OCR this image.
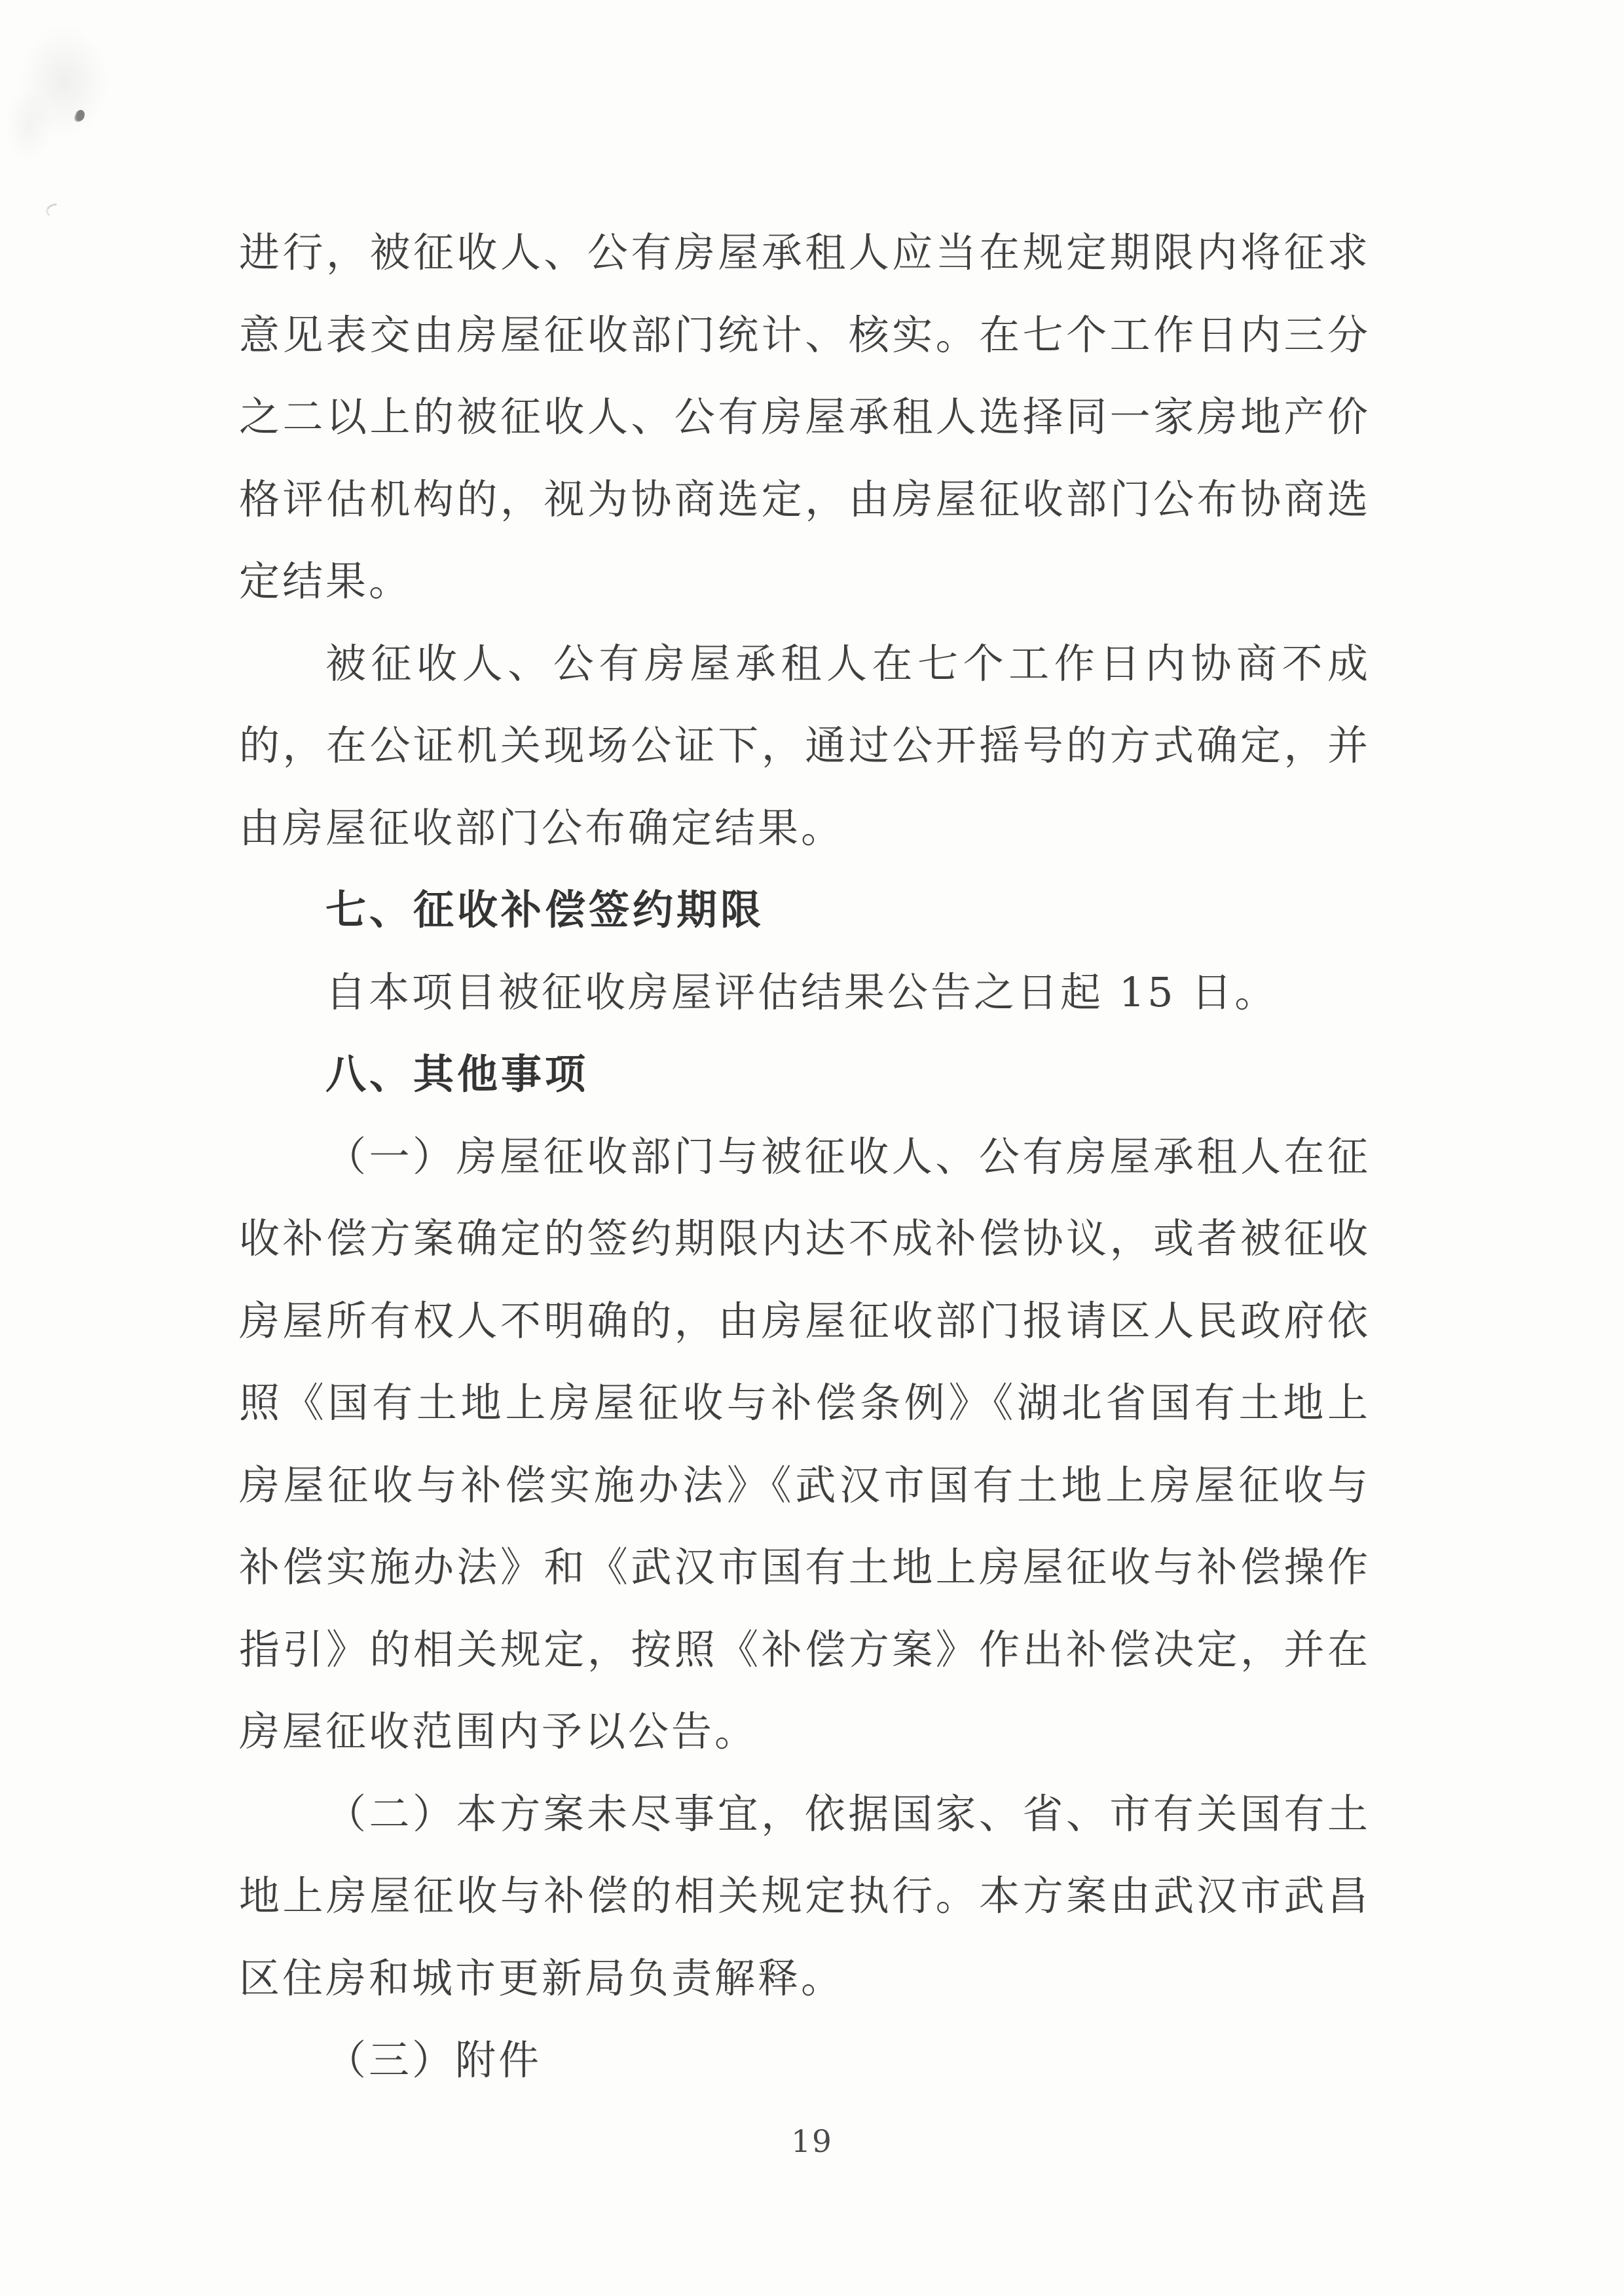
进行，被征收人、公有房屋承租人应当在规定期限内将征求
意见表交由房屋征收部门统计、核实。在七个工作日内三分
之二以上的被征收人、公有房屋承租人选择同一家房地产价
格评估机构的，视为协商选定，由房屋征收部门公布协商选
定结果。
被征收人、公有房屋承租人在七个工作日内协商不成
的，在公证机关现场公证下，通过公开摇号的方式确定，并
由房屋征收部门公布确定结果。
七、征收补偿签约期限
自本项目被征收房屋评估结果公告之日起 15 日。
八、其他事项
（一）房屋征收部门与被征收人、公有房屋承租人在征
收补偿方案确定的签约期限内达不成补偿协议，或者被征收
房屋所有权人不明确的，由房屋征收部门报请区人民政府依
照《国有土地上房屋征收与补偿条例》《湖北省国有土地上
房屋征收与补偿实施办法》《武汉市国有土地上房屋征收与
补偿实施办法》和《武汉市国有土地上房屋征收与补偿操作
指引》的相关规定，按照《补偿方案》作出补偿决定，并在
房屋征收范围内予以公告。
（二）本方案未尽事宜，依据国家、省、市有关国有土
地上房屋征收与补偿的相关规定执行。本方案由武汉市武昌
区住房和城市更新局负责解释。
（三）附件
19
